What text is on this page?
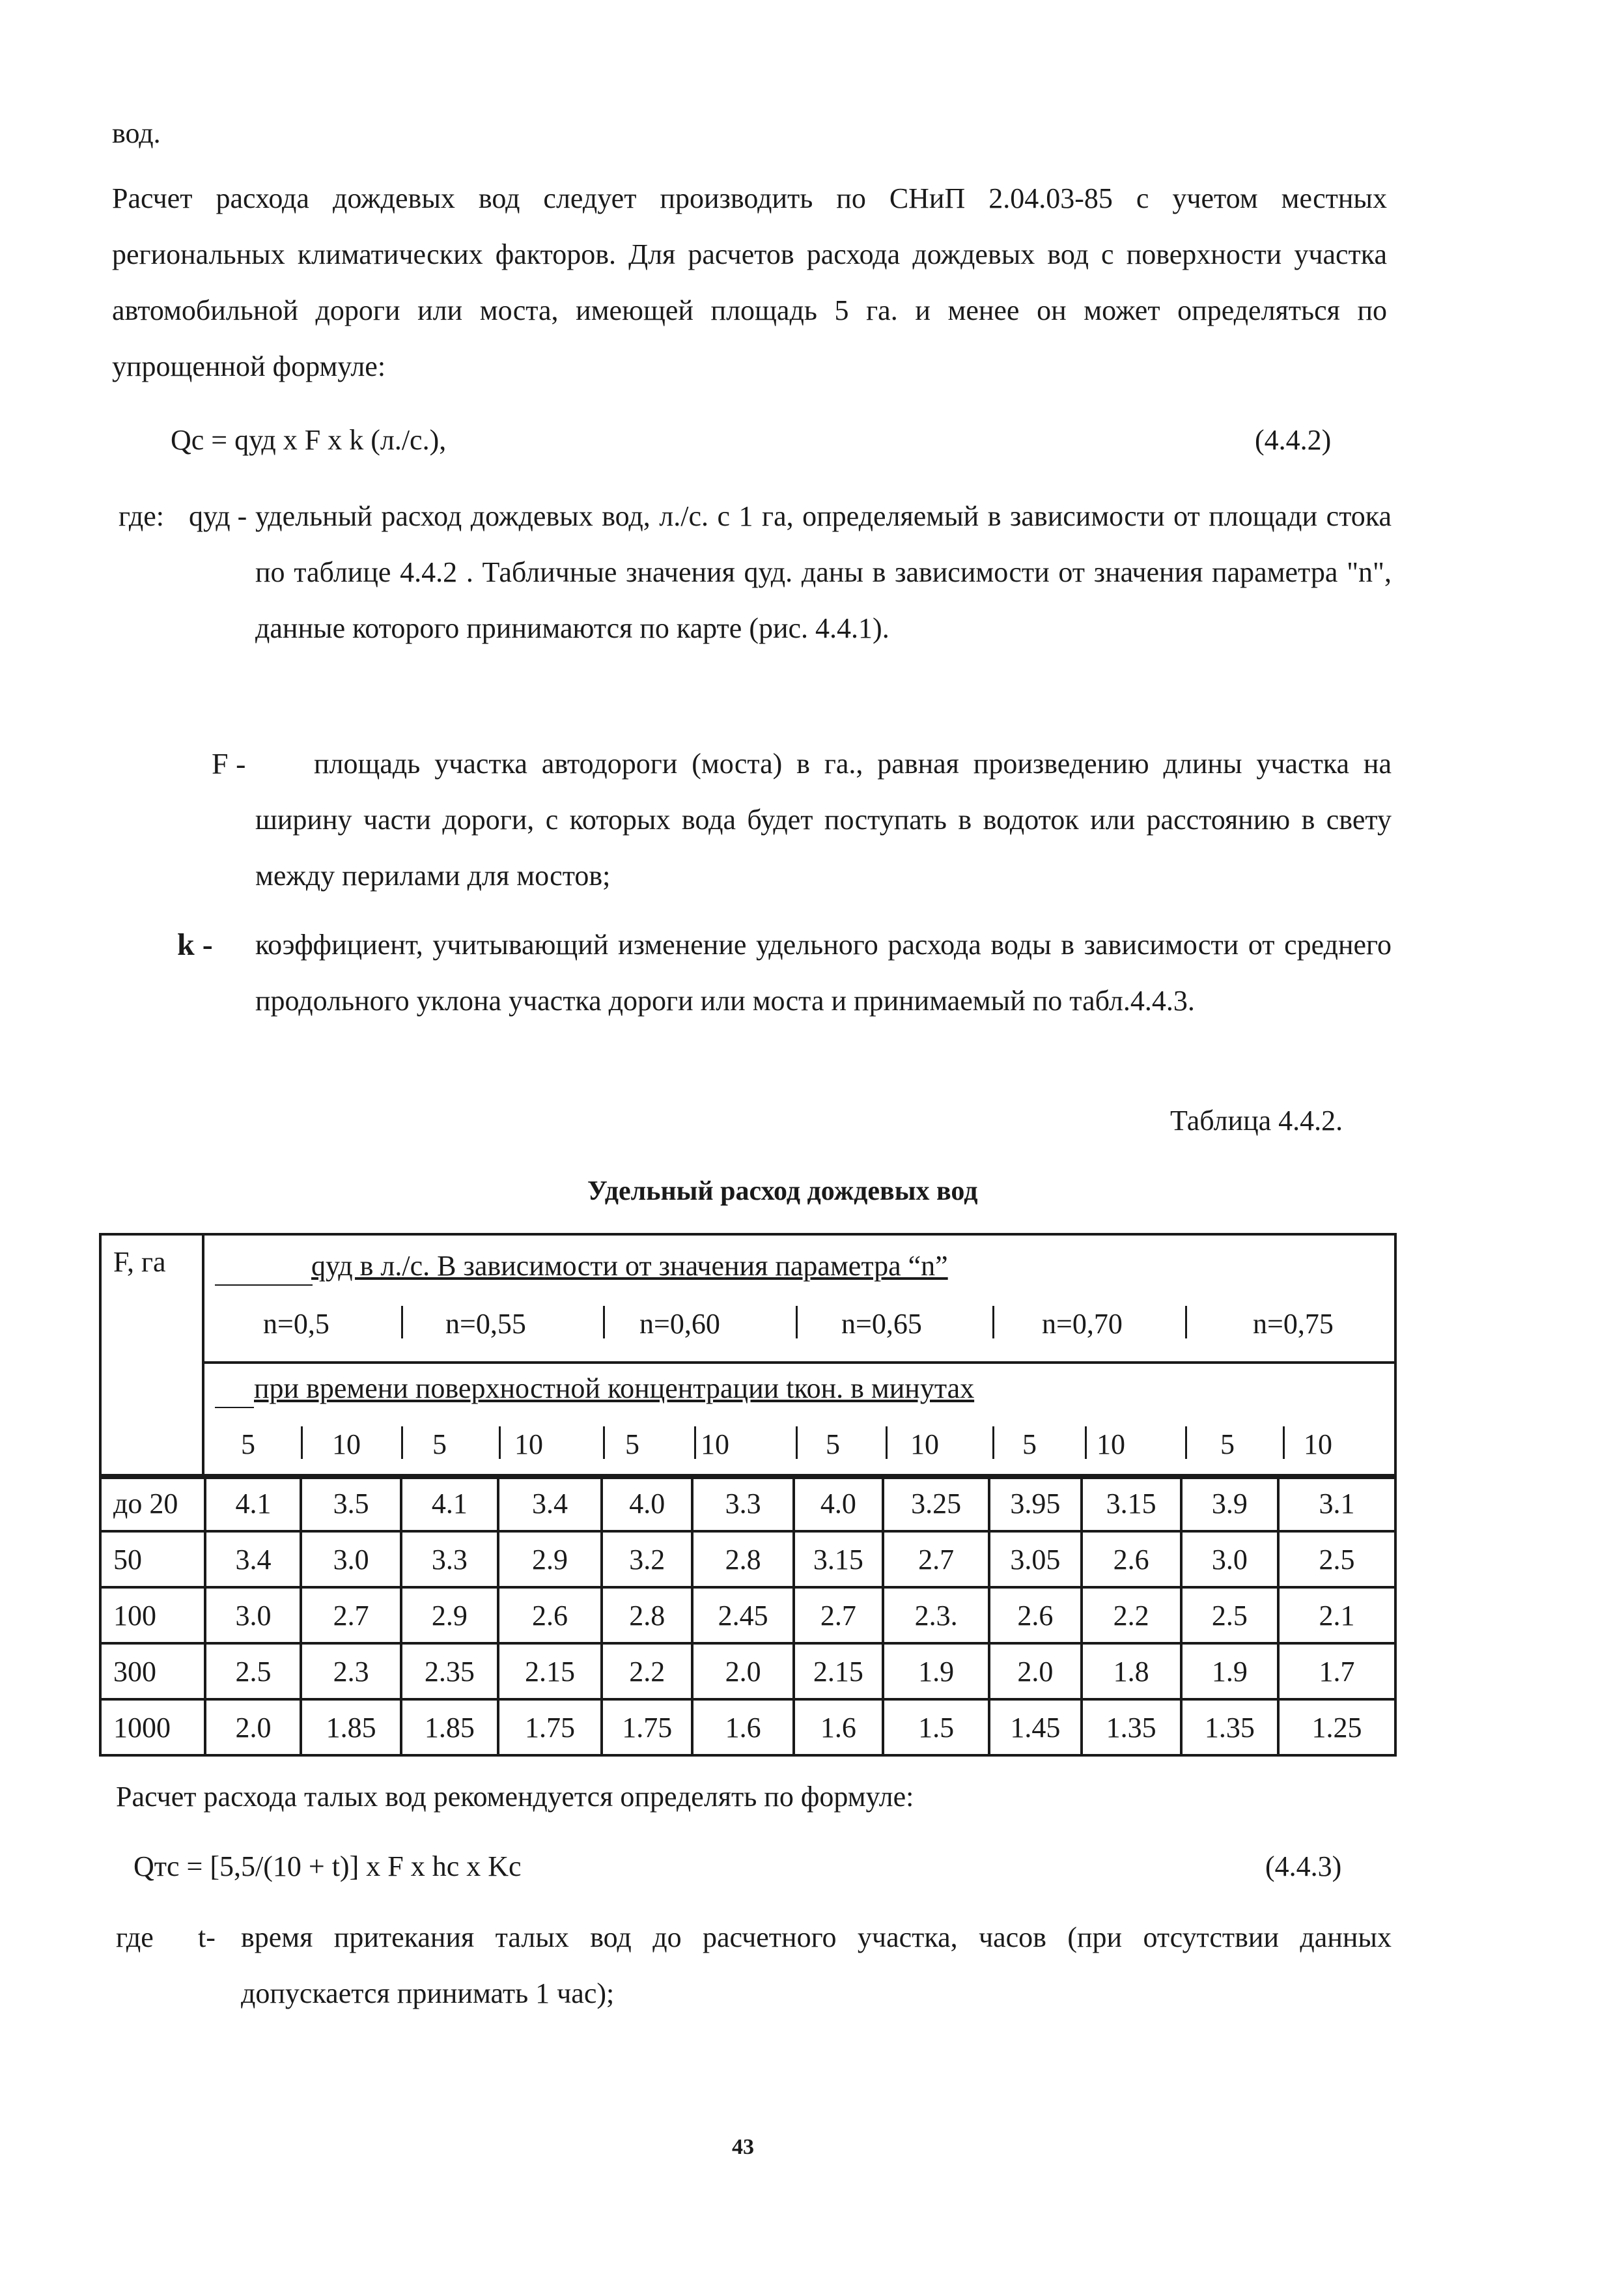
вод.
Расчет расхода дождевых вод следует производить по СНиП 2.04.03-85 с учетом местных региональных климатических факторов. Для расчетов расхода дождевых вод с поверхности участка автомобильной дороги или моста, имеющей площадь 5 га. и менее он может определяться по упрощенной формуле:
Qc = qуд x F x k (л./с.),	(4.4.2)
где: qуд - удельный расход дождевых вод, л./с. с 1 га, определяемый в зависимости от площади стока по таблице 4.4.2 . Табличные значения qуд. даны в зависимости от значения параметра "n", данные которого принимаются по карте (рис. 4.4.1).
F -	площадь участка автодороги (моста) в га., равная произведению длины участка на ширину части дороги, с которых вода будет поступать в водоток или расстоянию в свету между перилами для мостов;
k - коэффициент, учитывающий изменение удельного расхода воды в зависимости от среднего продольного уклона участка дороги или моста и принимаемый по табл.4.4.3.
Таблица 4.4.2.
Удельный расход дождевых вод
F, га	qуд в л./с. В зависимости от значения параметра “n”
n=0,5	n=0,55	n=0,60	n=0,65	n=0,70	n=0,75
при времени поверхностной концентрации tкон. в минутах
5	10	5 10	5 10	5 10	5 10	5 10
до 20	4.1	3.5	4.1	3.4	4.0	3.3	4.0	3.25	3.95	3.15	3.9	3.1
50	3.4	3.0	3.3	2.9	3.2	2.8	3.15	2.7	3.05	2.6	3.0	2.5
100	3.0	2.7	2.9	2.6	2.8	2.45	2.7	2.3.	2.6	2.2	2.5	2.1
300	2.5	2.3	2.35	2.15	2.2	2.0	2.15	1.9	2.0	1.8	1.9	1.7
1000	2.0	1.85	1.85	1.75	1.75	1.6	1.6	1.5	1.45	1.35	1.35	1.25
Расчет расхода талых вод рекомендуется определять по формуле:
Qтc = [5,5/(10 + t)] x F x hc x Kc	(4.4.3)
где t- время притекания талых вод до расчетного участка, часов (при отсутствии данных допускается принимать 1 час);
43
